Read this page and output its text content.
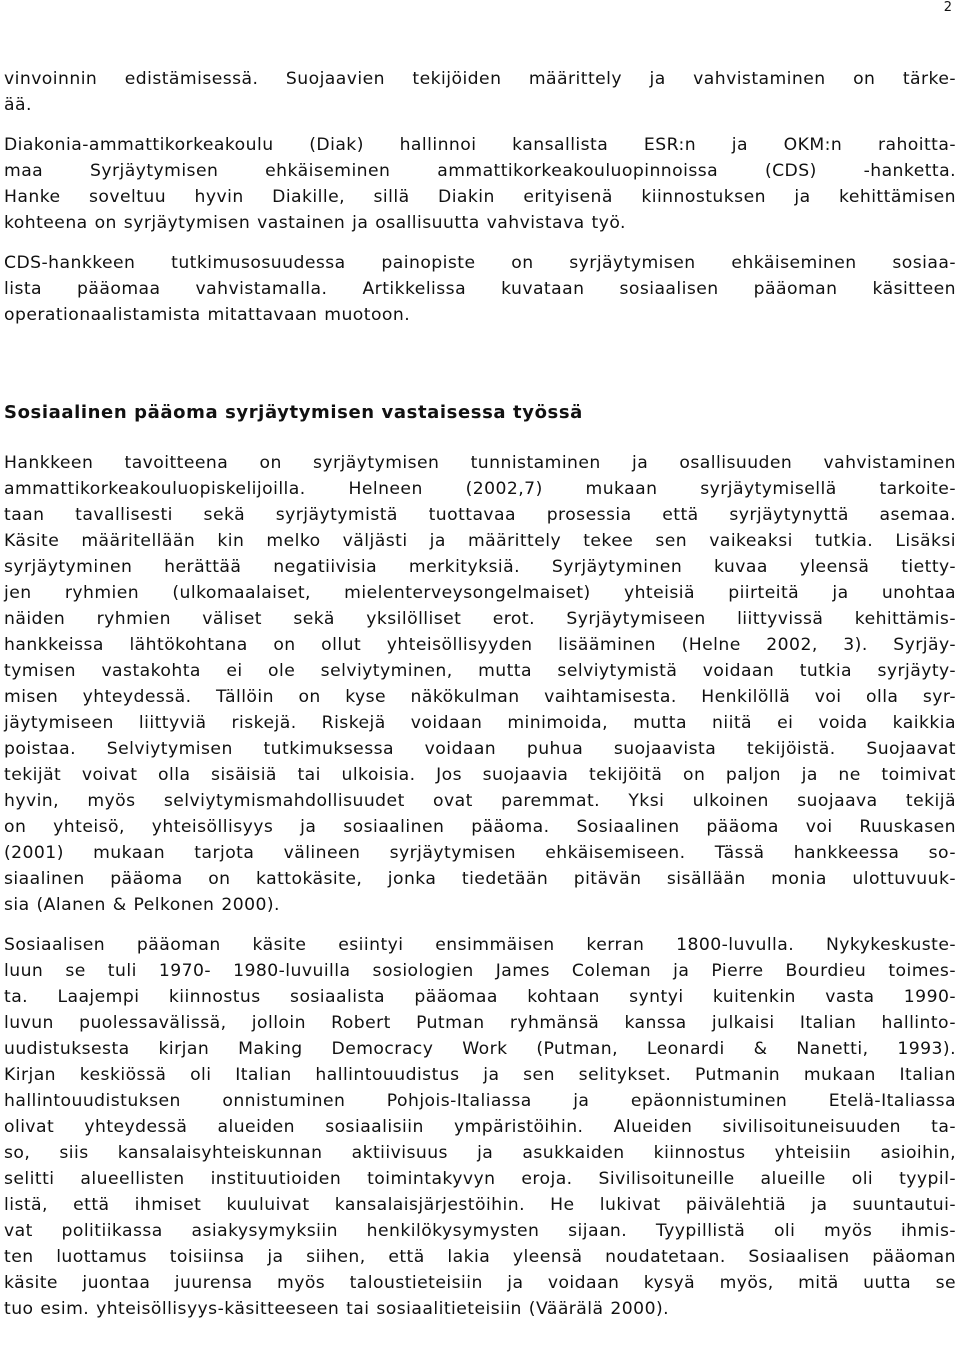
2

vinvoinnin edistämisessä. Suojaavien tekijöiden määrittely ja vahvistaminen on tärke-
ää.

Diakonia-ammattikorkeakoulu (Diak) hallinnoi kansallista ESR:n ja OKM:n rahoitta-
maa Syrjäytymisen ehkäiseminen ammattikorkeakouluopinnoissa (CDS) -hanketta.
Hanke soveltuu hyvin Diakille, sillä Diakin erityisenä kiinnostuksen ja kehittämisen
kohteena on syrjäytymisen vastainen ja osallisuutta vahvistava työ.

CDS-hankkeen tutkimusosuudessa painopiste on syrjäytymisen ehkäiseminen sosiaa-
lista pääomaa vahvistamalla. Artikkelissa kuvataan sosiaalisen pääoman käsitteen
operationaalistamista mitattavaan muotoon.

Sosiaalinen pääoma syrjäytymisen vastaisessa työssä

Hankkeen tavoitteena on syrjäytymisen tunnistaminen ja osallisuuden vahvistaminen
ammattikorkeakouluopiskelijoilla. Helneen (2002,7) mukaan syrjäytymisellä tarkoite-
taan tavallisesti sekä syrjäytymistä tuottavaa prosessia että syrjäytynyttä asemaa.
Käsite määritellään kin melko väljästi ja määrittely tekee sen vaikeaksi tutkia. Lisäksi
syrjäytyminen herättää negatiivisia merkityksiä. Syrjäytyminen kuvaa yleensä tietty-
jen ryhmien (ulkomaalaiset, mielenterveysongelmaiset) yhteisiä piirteitä ja unohtaa
näiden ryhmien väliset sekä yksilölliset erot. Syrjäytymiseen liittyvissä kehittämis-
hankkeissa lähtökohtana on ollut yhteisöllisyyden lisääminen (Helne 2002, 3). Syrjäy-
tymisen vastakohta ei ole selviytyminen, mutta selviytymistä voidaan tutkia syrjäyty-
misen yhteydessä. Tällöin on kyse näkökulman vaihtamisesta. Henkilöllä voi olla syr-
jäytymiseen liittyviä riskejä. Riskejä voidaan minimoida, mutta niitä ei voida kaikkia
poistaa. Selviytymisen tutkimuksessa voidaan puhua suojaavista tekijöistä. Suojaavat
tekijät voivat olla sisäisiä tai ulkoisia. Jos suojaavia tekijöitä on paljon ja ne toimivat
hyvin, myös selviytymismahdollisuudet ovat paremmat. Yksi ulkoinen suojaava tekijä
on yhteisö, yhteisöllisyys ja sosiaalinen pääoma. Sosiaalinen pääoma voi Ruuskasen
(2001) mukaan tarjota välineen syrjäytymisen ehkäisemiseen. Tässä hankkeessa so-
siaalinen pääoma on kattokäsite, jonka tiedetään pitävän sisällään monia ulottuvuuk-
sia (Alanen & Pelkonen 2000).

Sosiaalisen pääoman käsite esiintyi ensimmäisen kerran 1800-luvulla. Nykykeskuste-
luun se tuli 1970- 1980-luvuilla sosiologien James Coleman ja Pierre Bourdieu toimes-
ta. Laajempi kiinnostus sosiaalista pääomaa kohtaan syntyi kuitenkin vasta 1990-
luvun puolessavälissä, jolloin Robert Putman ryhmänsä kanssa julkaisi Italian hallinto-
uudistuksesta kirjan Making Democracy Work (Putman, Leonardi & Nanetti, 1993).
Kirjan keskiössä oli Italian hallintouudistus ja sen selitykset. Putmanin mukaan Italian
hallintouudistuksen onnistuminen Pohjois-Italiassa ja epäonnistuminen Etelä-Italiassa
olivat yhteydessä alueiden sosiaalisiin ympäristöihin. Alueiden sivilisoituneisuuden ta-
so, siis kansalaisyhteiskunnan aktiivisuus ja asukkaiden kiinnostus yhteisiin asioihin,
selitti alueellisten instituutioiden toimintakyvyn eroja. Sivilisoituneille alueille oli tyypil-
listä, että ihmiset kuuluivat kansalaisjärjestöihin. He lukivat päivälehtiä ja suuntautui-
vat politiikassa asiakysymyksiin henkilökysymysten sijaan. Tyypillistä oli myös ihmis-
ten luottamus toisiinsa ja siihen, että lakia yleensä noudatetaan. Sosiaalisen pääoman
käsite juontaa juurensa myös taloustieteisiin ja voidaan kysyä myös, mitä uutta se
tuo esim. yhteisöllisyys-käsitteeseen tai sosiaalitieteisiin (Väärälä 2000).
